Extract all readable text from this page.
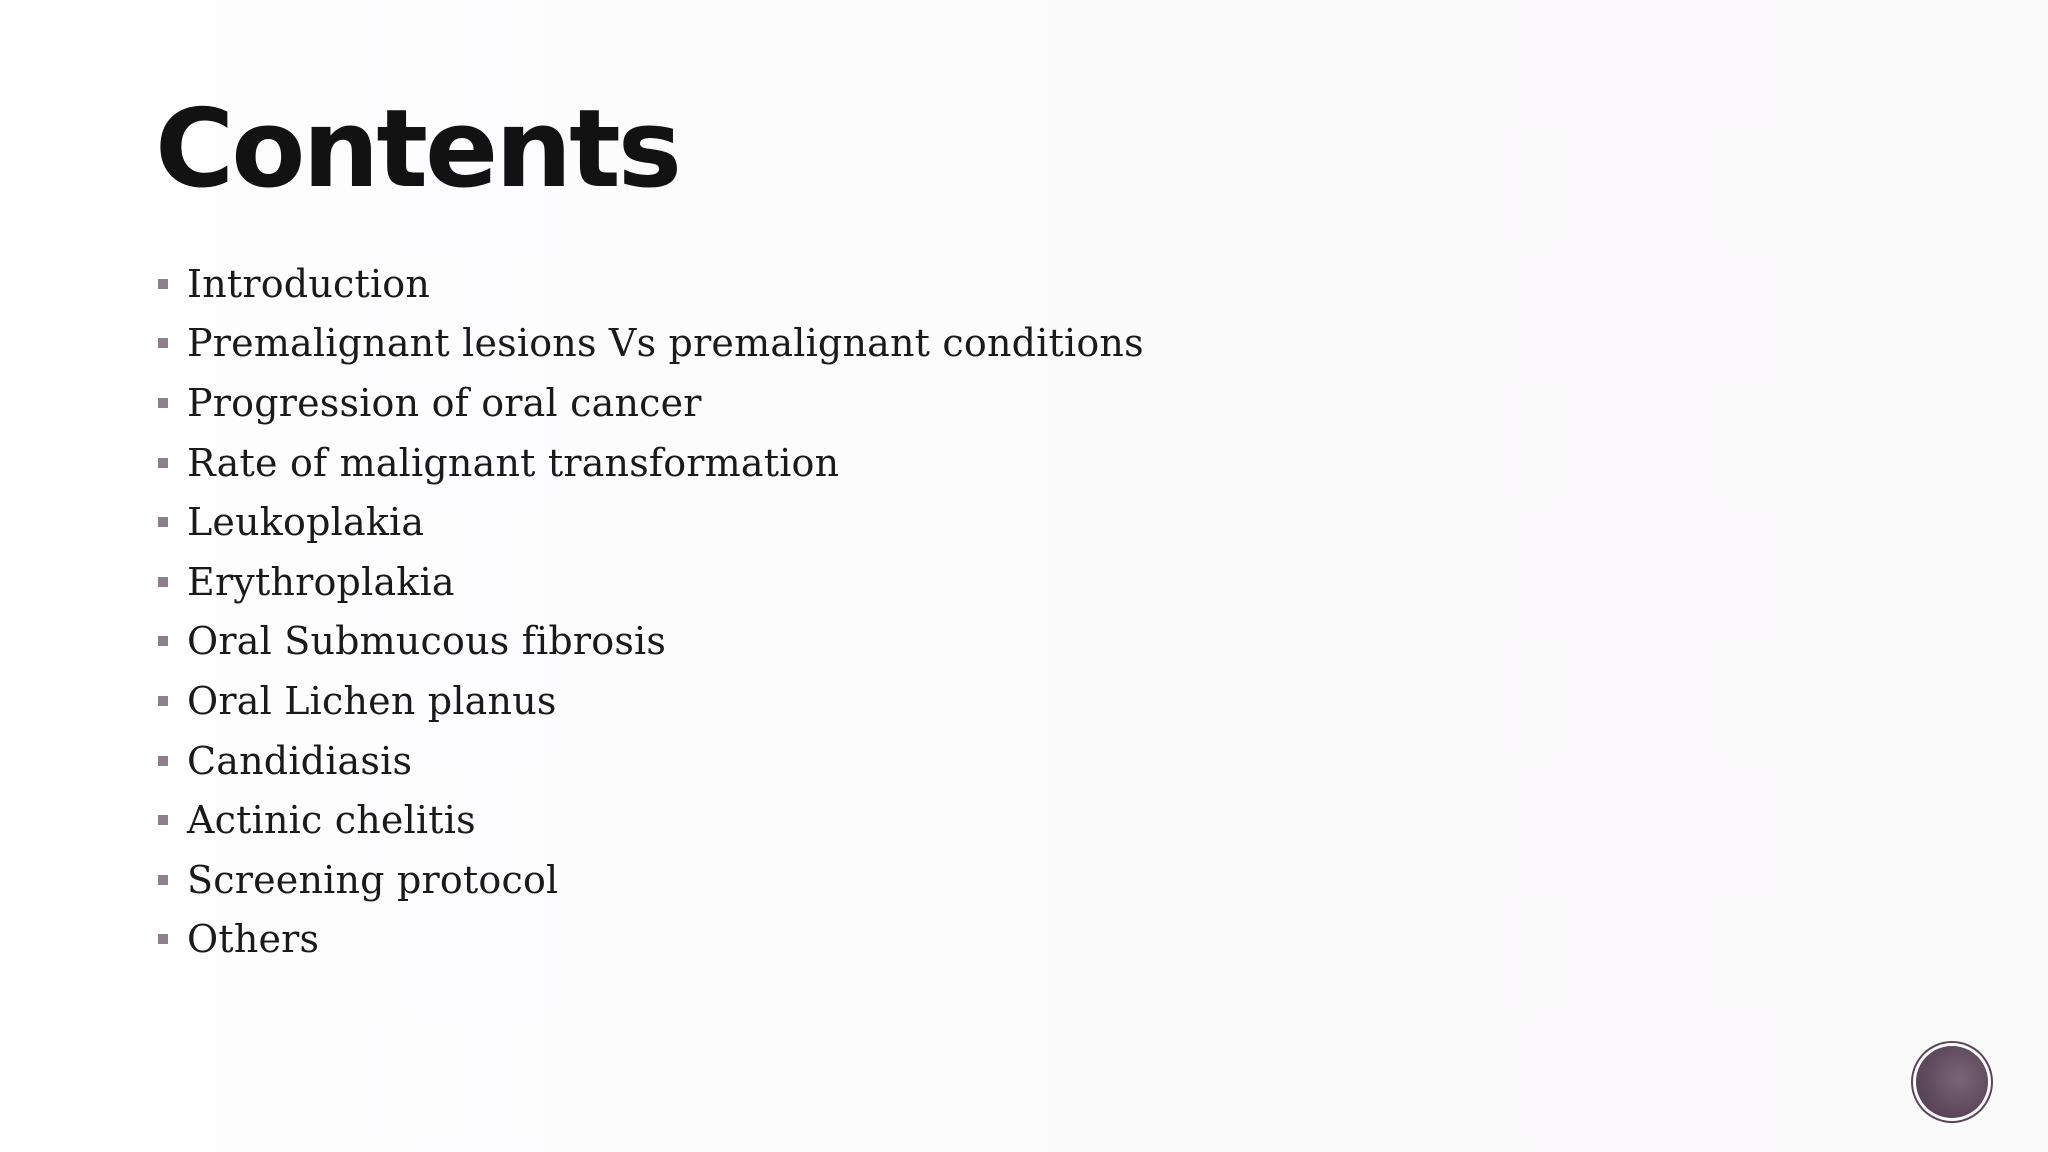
Contents
Introduction
Premalignant lesions Vs premalignant conditions
Progression of oral cancer
Rate of malignant transformation
Leukoplakia
Erythroplakia
Oral Submucous fibrosis
Oral Lichen planus
Candidiasis
Actinic chelitis
Screening protocol
Others
